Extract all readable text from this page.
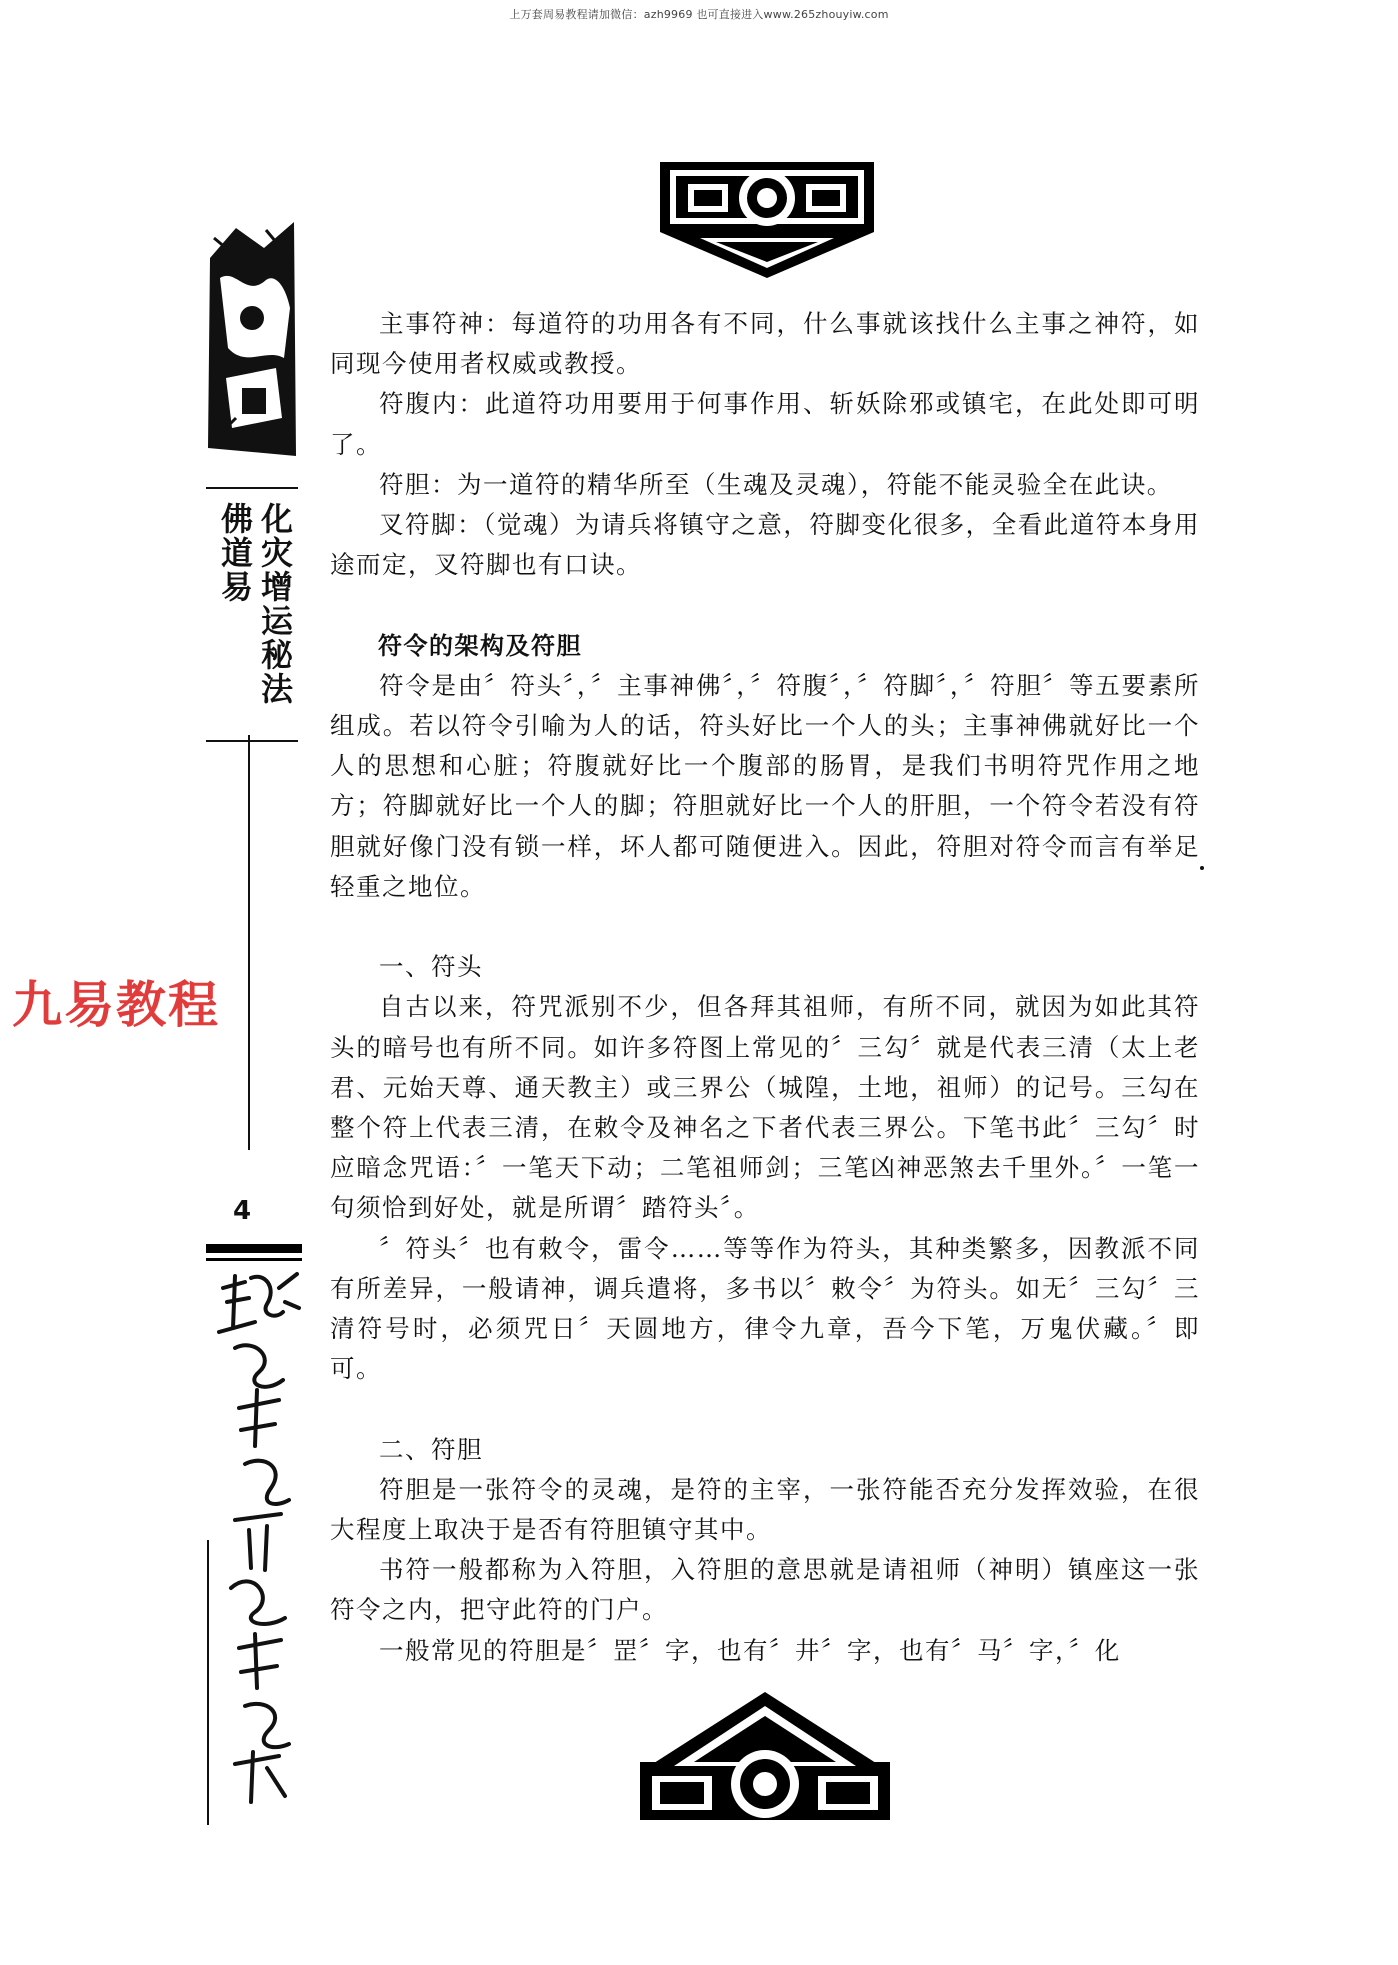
上万套周易教程请加微信：azh9969 也可直接进入www.265zhouyiw.com
化灾增运秘法 佛道易
4
九易教程

主事符神：每道符的功用各有不同，什么事就该找什么主事之神符，如同现今使用者权威或教授。

符腹内：此道符功用要用于何事作用、斩妖除邪或镇宅，在此处即可明了。

符胆：为一道符的精华所至（生魂及灵魂），符能不能灵验全在此诀。

叉符脚：（觉魂）为请兵将镇守之意，符脚变化很多，全看此道符本身用途而定，叉符脚也有口诀。

符令的架构及符胆

符令是由〞符头〞，〞主事神佛〞，〞符腹〞，〞符脚〞，〞符胆〞等五要素所组成。若以符令引喻为人的话，符头好比一个人的头；主事神佛就好比一个人的思想和心脏；符腹就好比一个腹部的肠胃，是我们书明符咒作用之地方；符脚就好比一个人的脚；符胆就好比一个人的肝胆，一个符令若没有符胆就好像门没有锁一样，坏人都可随便进入。因此，符胆对符令而言有举足轻重之地位。

一、符头

自古以来，符咒派别不少，但各拜其祖师，有所不同，就因为如此其符头的暗号也有所不同。如许多符图上常见的〞三勾〞就是代表三清（太上老君、元始天尊、通天教主）或三界公（城隍，土地，祖师）的记号。三勾在整个符上代表三清，在敕令及神名之下者代表三界公。下笔书此〞三勾〞时应暗念咒语：〞一笔天下动；二笔祖师剑；三笔凶神恶煞去千里外。〞一笔一句须恰到好处，就是所谓〞踏符头〞。

〞符头〞也有敕令，雷令……等等作为符头，其种类繁多，因教派不同有所差异，一般请神，调兵遣将，多书以〞敕令〞为符头。如无〞三勾〞三清符号时，必须咒日〞天圆地方，律令九章，吾今下笔，万鬼伏藏。〞即可。

二、符胆

符胆是一张符令的灵魂，是符的主宰，一张符能否充分发挥效验，在很大程度上取决于是否有符胆镇守其中。

书符一般都称为入符胆，入符胆的意思就是请祖师（神明）镇座这一张符令之内，把守此符的门户。

一般常见的符胆是〞罡〞字，也有〞井〞字，也有〞马〞字，〞化
